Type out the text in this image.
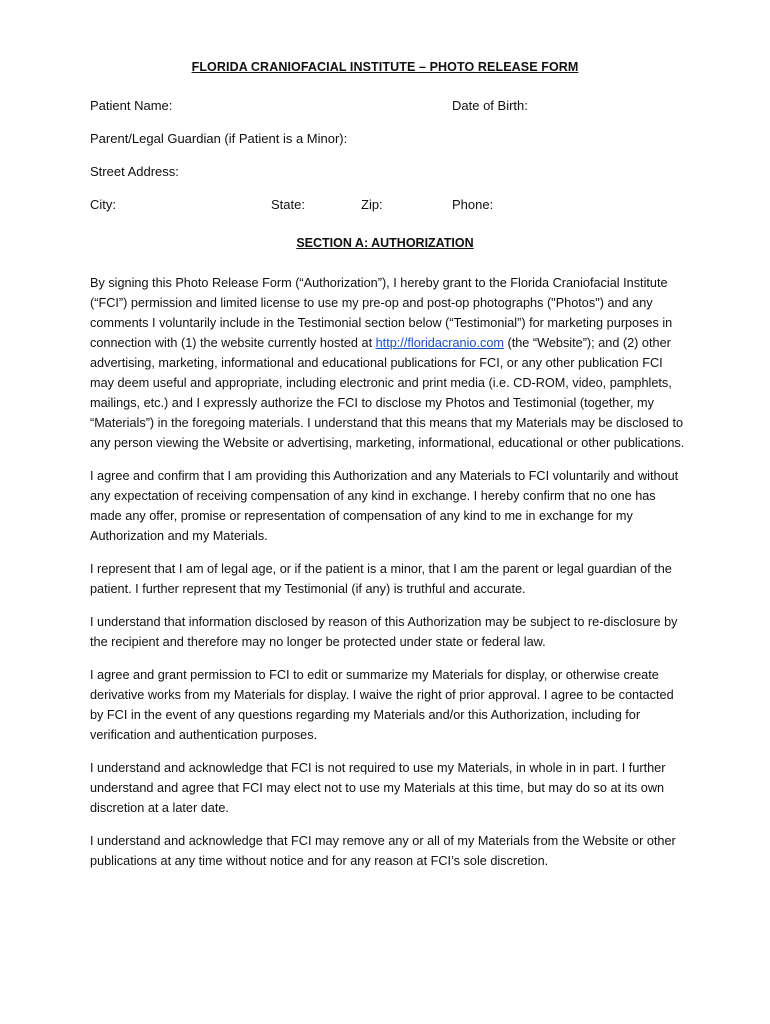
FLORIDA CRANIOFACIAL INSTITUTE – PHOTO RELEASE FORM
Patient Name:	Date of Birth:
Parent/Legal Guardian (if Patient is a Minor):
Street Address:
City:	State:	Zip:	Phone:
SECTION A: AUTHORIZATION

By signing this Photo Release Form (“Authorization”), I hereby grant to the Florida Craniofacial Institute (“FCI”) permission and limited license to use my pre-op and post-op photographs ("Photos") and any comments I voluntarily include in the Testimonial section below (“Testimonial”) for marketing purposes in connection with (1) the website currently hosted at http://floridacranio.com (the “Website”); and (2) other advertising, marketing, informational and educational publications for FCI, or any other publication FCI may deem useful and appropriate, including electronic and print media (i.e. CD-ROM, video, pamphlets, mailings, etc.) and I expressly authorize the FCI to disclose my Photos and Testimonial (together, my “Materials”) in the foregoing materials. I understand that this means that my Materials may be disclosed to any person viewing the Website or advertising, marketing, informational, educational or other publications.

I agree and confirm that I am providing this Authorization and any Materials to FCI voluntarily and without any expectation of receiving compensation of any kind in exchange. I hereby confirm that no one has made any offer, promise or representation of compensation of any kind to me in exchange for my Authorization and my Materials.

I represent that I am of legal age, or if the patient is a minor, that I am the parent or legal guardian of the patient. I further represent that my Testimonial (if any) is truthful and accurate.

I understand that information disclosed by reason of this Authorization may be subject to re-disclosure by the recipient and therefore may no longer be protected under state or federal law.

I agree and grant permission to FCI to edit or summarize my Materials for display, or otherwise create derivative works from my Materials for display. I waive the right of prior approval. I agree to be contacted by FCI in the event of any questions regarding my Materials and/or this Authorization, including for verification and authentication purposes.

I understand and acknowledge that FCI is not required to use my Materials, in whole in in part. I further understand and agree that FCI may elect not to use my Materials at this time, but may do so at its own discretion at a later date.

I understand and acknowledge that FCI may remove any or all of my Materials from the Website or other publications at any time without notice and for any reason at FCI’s sole discretion.
